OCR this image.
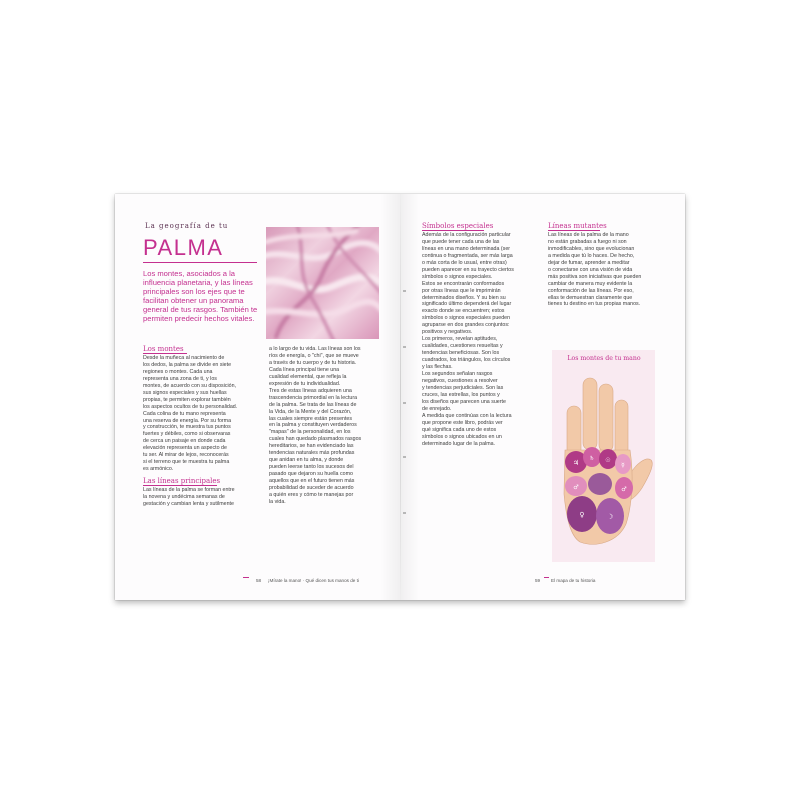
La geografía de tu
PALMA
Los montes, asociados a la influencia planetaria, y las líneas principales son los ejes que te facilitan obtener un panorama general de tus rasgos. También te permiten predecir hechos vitales.
Los montes

Desde la muñeca al nacimiento de

los dedos, la palma se divide en siete

regiones o montes. Cada una

representa una zona de ti, y los

montes, de acuerdo con su disposición,

sus signos especiales y sus huellas

propias, te permiten explorar también

los aspectos ocultos de tu personalidad.

Cada colina de tu mano representa

una reserva de energía. Por su forma

y construcción, te muestra tus puntos

fuertes y débiles, como si observaras

de cerca un paisaje en donde cada

elevación representa un aspecto de

tu ser. Al mirar de lejos, reconocerás

si el terreno que te muestra tu palma

es armónico.

Las líneas principales

Las líneas de la palma se forman entre

la novena y undécima semanas de

gestación y cambian lenta y sutilmente

a lo largo de tu vida. Las líneas son los

ríos de energía, o "chi", que se mueve

a través de tu cuerpo y de tu historia.

Cada línea principal tiene una

cualidad elemental, que refleja la

expresión de tu individualidad.

Tres de estas líneas adquieren una

trascendencia primordial en la lectura

de la palma. Se trata de las líneas de

la Vida, de la Mente y del Corazón,

las cuales siempre están presentes

en la palma y constituyen verdaderos

"mapas" de la personalidad, en los

cuales han quedado plasmados rasgos

hereditarios, se han evidenciado las

tendencias naturales más profundas

que anidan en tu alma, y donde

pueden leerse tanto los sucesos del

pasado que dejaron su huella como

aquellos que en el futuro tienen más

probabilidad de suceder de acuerdo

a quién eres y cómo te manejas por

la vida.

58 ¡Mírate la mano! · Qué dicen tus manos de ti
Símbolos especiales

Además de la configuración particular

que puede tener cada una de las

líneas en una mano determinada (ser

continua o fragmentada, ser más larga

o más corta de lo usual, entre otras)

pueden aparecer en su trayecto ciertos

símbolos o signos especiales.

Estos se encontrarán conformados

por otras líneas que le imprimirán

determinados diseños. Y su bien su

significado último dependerá del lugar

exacto donde se encuentren; estos

símbolos o signos especiales pueden

agruparse en dos grandes conjuntos:

positivos y negativos.

Los primeros, revelan aptitudes,

cualidades, cuestiones resueltas y

tendencias beneficiosas. Son los

cuadrados, los triángulos, los círculos

y las flechas.

Los segundos señalan rasgos

negativos, cuestiones a resolver

y tendencias perjudiciales. Son las

cruces, las estrellas, los puntos y

los diseños que parecen una suerte

de enrejado.

A medida que continúas con la lectura

que propone este libro, podrás ver

qué significa cada uno de estos

símbolos o signos ubicados en un

determinado lugar de la palma.

Líneas mutantes

Las líneas de la palma de la mano

no están grabadas a fuego ni son

inmodificables, sino que evolucionan

a medida que tú lo haces. De hecho,

dejar de fumar, aprender a meditar

o conectarse con una visión de vida

más positiva son iniciativas que pueden

cambiar de manera muy evidente la

conformación de las líneas. Por eso,

ellas te demuestran claramente que

tienes tu destino en tus propias manos.

Los montes de tu mano
♃
♄ ☉
☿
♂	♂
♀	☽
59 El mapa de tu historia
